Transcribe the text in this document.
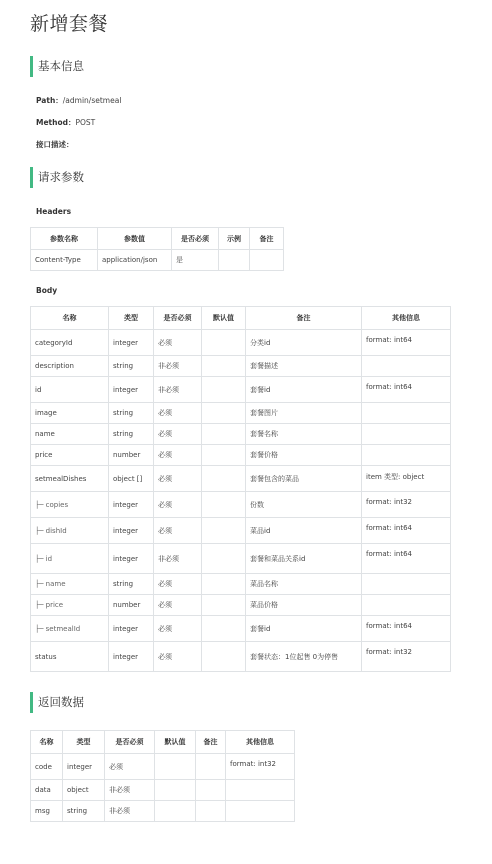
新增套餐
基本信息
Path：/admin/setmeal
Method：POST
接口描述：
请求参数
Headers
参数名称	参数值	是否必须	示例	备注
Content-Type	application/json	是		
Body
名称	类型	是否必须	默认值	备注	其他信息
categoryId	integer	必须		分类id	format: int64
description	string	非必须		套餐描述	
id	integer	非必须		套餐id	format: int64
image	string	必须		套餐图片	
name	string	必须		套餐名称	
price	number	必须		套餐价格	
setmealDishes	object []	必须		套餐包含的菜品	item 类型: object
├─ copies	integer	必须		份数	format: int32
├─ dishId	integer	必须		菜品id	format: int64
├─ id	integer	非必须		套餐和菜品关系id	format: int64
├─ name	string	必须		菜品名称	
├─ price	number	必须		菜品价格	
├─ setmealId	integer	必须		套餐id	format: int64
status	integer	必须		套餐状态：1位起售 0为停售	format: int32
返回数据
名称	类型	是否必须	默认值	备注	其他信息
code	integer	必须			format: int32
data	object	非必须			
msg	string	非必须			
